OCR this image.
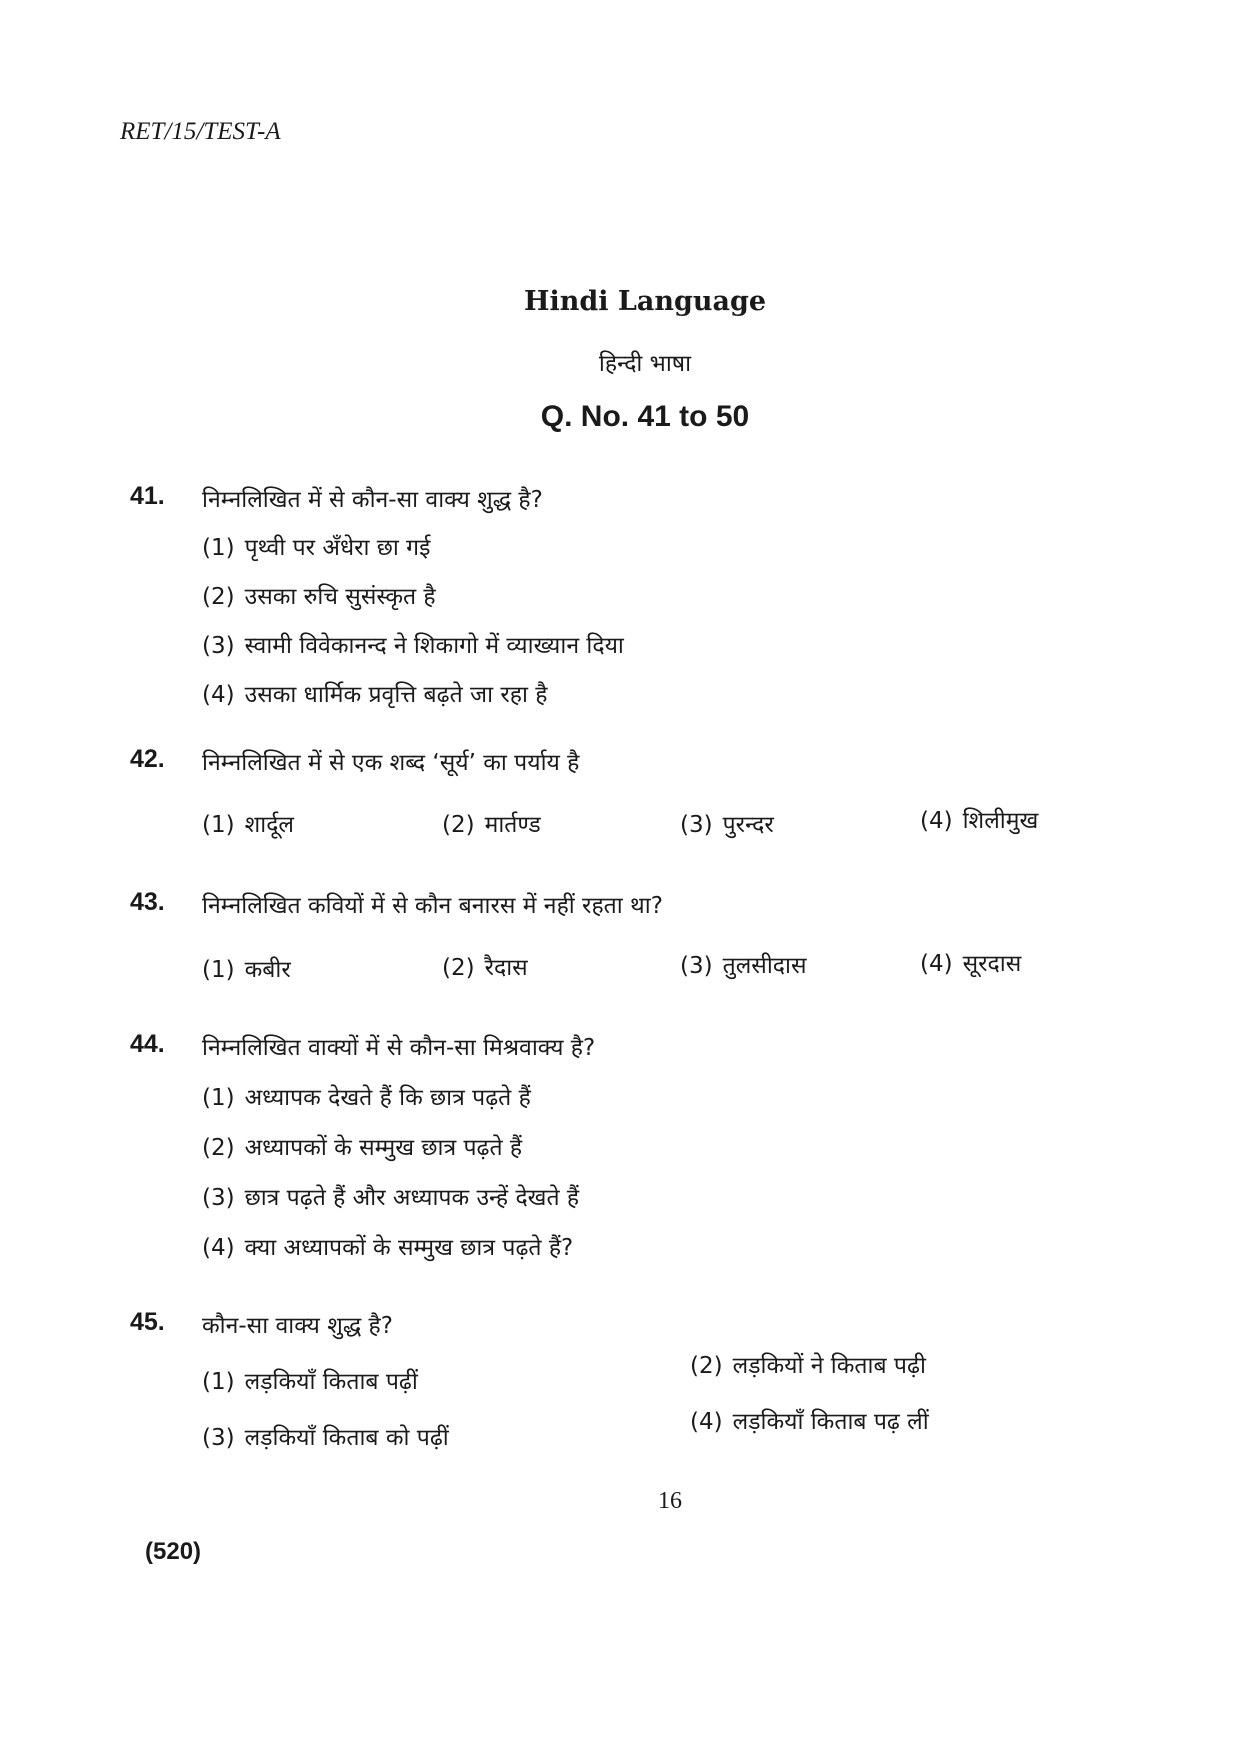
RET/15/TEST-A
Hindi Language
हिन्दी भाषा
Q. No. 41 to 50
41. निम्नलिखित में से कौन-सा वाक्य शुद्ध है?
(1) पृथ्वी पर अँधेरा छा गई
(2) उसका रुचि सुसंस्कृत है
(3) स्वामी विवेकानन्द ने शिकागो में व्याख्यान दिया
(4) उसका धार्मिक प्रवृत्ति बढ़ते जा रहा है
42. निम्नलिखित में से एक शब्द ‘सूर्य’ का पर्याय है
(1) शार्दूल	(2) मार्तण्ड	(3) पुरन्दर	(4) शिलीमुख
43. निम्नलिखित कवियों में से कौन बनारस में नहीं रहता था?
(1) कबीर	(2) रैदास	(3) तुलसीदास	(4) सूरदास
44. निम्नलिखित वाक्यों में से कौन-सा मिश्रवाक्य है?
(1) अध्यापक देखते हैं कि छात्र पढ़ते हैं
(2) अध्यापकों के सम्मुख छात्र पढ़ते हैं
(3) छात्र पढ़ते हैं और अध्यापक उन्हें देखते हैं
(4) क्या अध्यापकों के सम्मुख छात्र पढ़ते हैं?
45. कौन-सा वाक्य शुद्ध है?
(1) लड़कियाँ किताब पढ़ीं
(2) लड़कियों ने किताब पढ़ी
(3) लड़कियाँ किताब को पढ़ीं
(4) लड़कियाँ किताब पढ़ लीं
16
(520)
